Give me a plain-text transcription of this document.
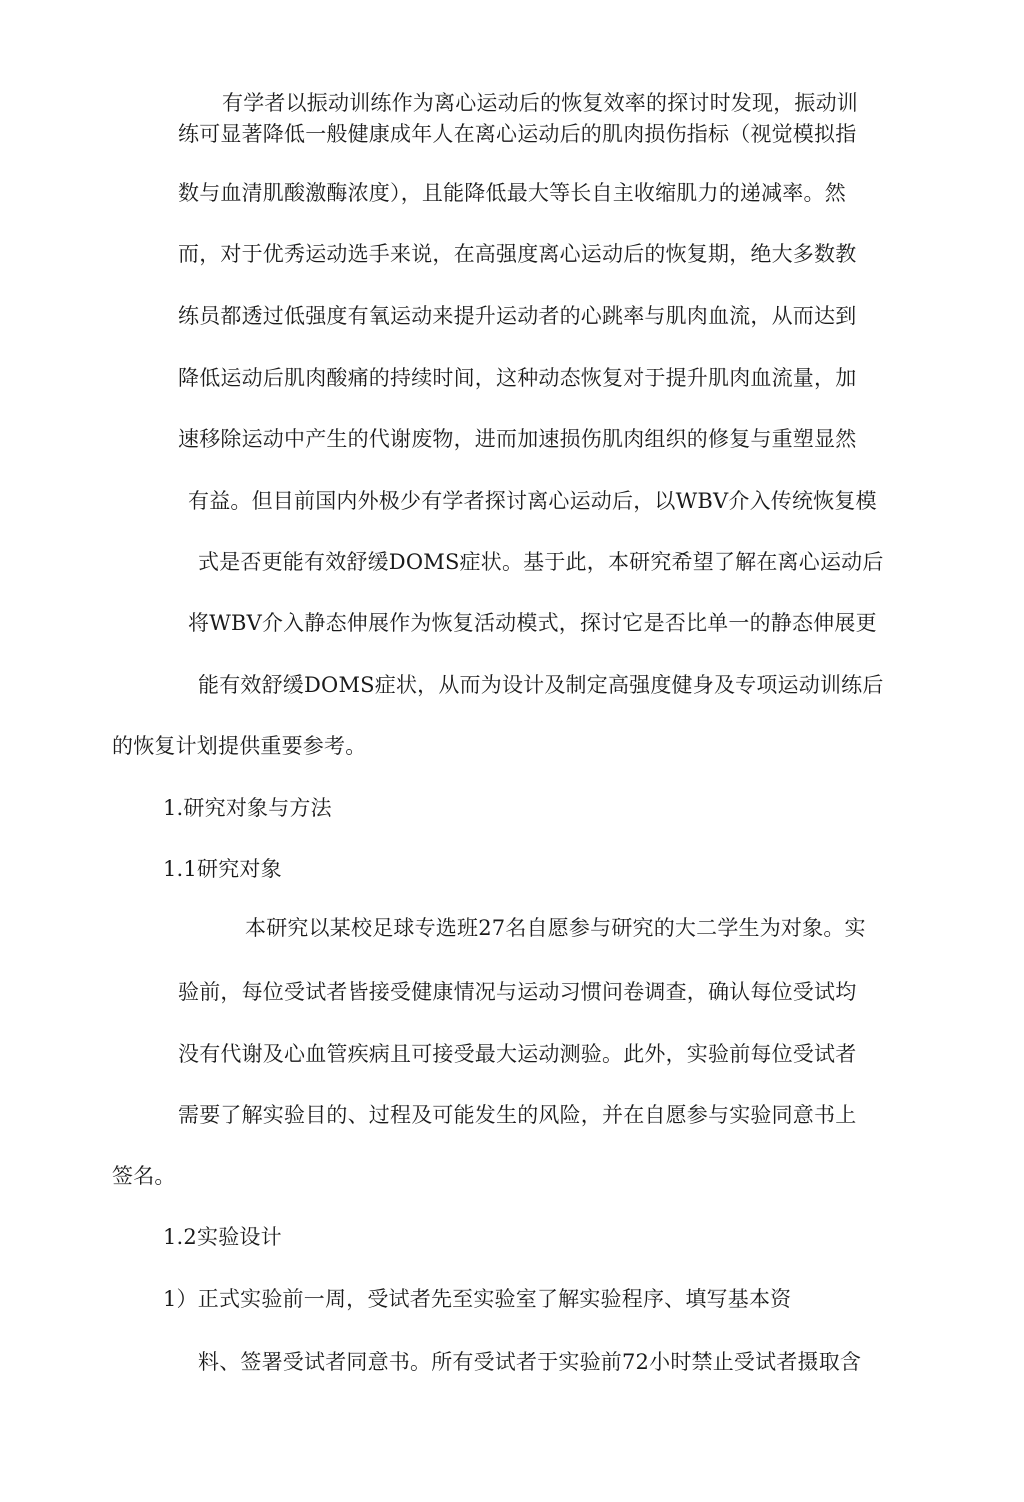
有学者以振动训练作为离心运动后的恢复效率的探讨时发现，振动训
练可显著降低一般健康成年人在离心运动后的肌肉损伤指标（视觉模拟指
数与血清肌酸激酶浓度），且能降低最大等长自主收缩肌力的递减率。然
而，对于优秀运动选手来说，在高强度离心运动后的恢复期，绝大多数教
练员都透过低强度有氧运动来提升运动者的心跳率与肌肉血流，从而达到
降低运动后肌肉酸痛的持续时间，这种动态恢复对于提升肌肉血流量，加
速移除运动中产生的代谢废物，进而加速损伤肌肉组织的修复与重塑显然
有益。但目前国内外极少有学者探讨离心运动后，以WBV介入传统恢复模
式是否更能有效舒缓DOMS症状。基于此，本研究希望了解在离心运动后
将WBV介入静态伸展作为恢复活动模式，探讨它是否比单一的静态伸展更
能有效舒缓DOMS症状，从而为设计及制定高强度健身及专项运动训练后
的恢复计划提供重要参考。
1.研究对象与方法
1.1研究对象
本研究以某校足球专选班27名自愿参与研究的大二学生为对象。实
验前，每位受试者皆接受健康情况与运动习惯问卷调查，确认每位受试均
没有代谢及心血管疾病且可接受最大运动测验。此外，实验前每位受试者
需要了解实验目的、过程及可能发生的风险，并在自愿参与实验同意书上
签名。
1.2实验设计
1）正式实验前一周，受试者先至实验室了解实验程序、填写基本资
料、签署受试者同意书。所有受试者于实验前72小时禁止受试者摄取含
